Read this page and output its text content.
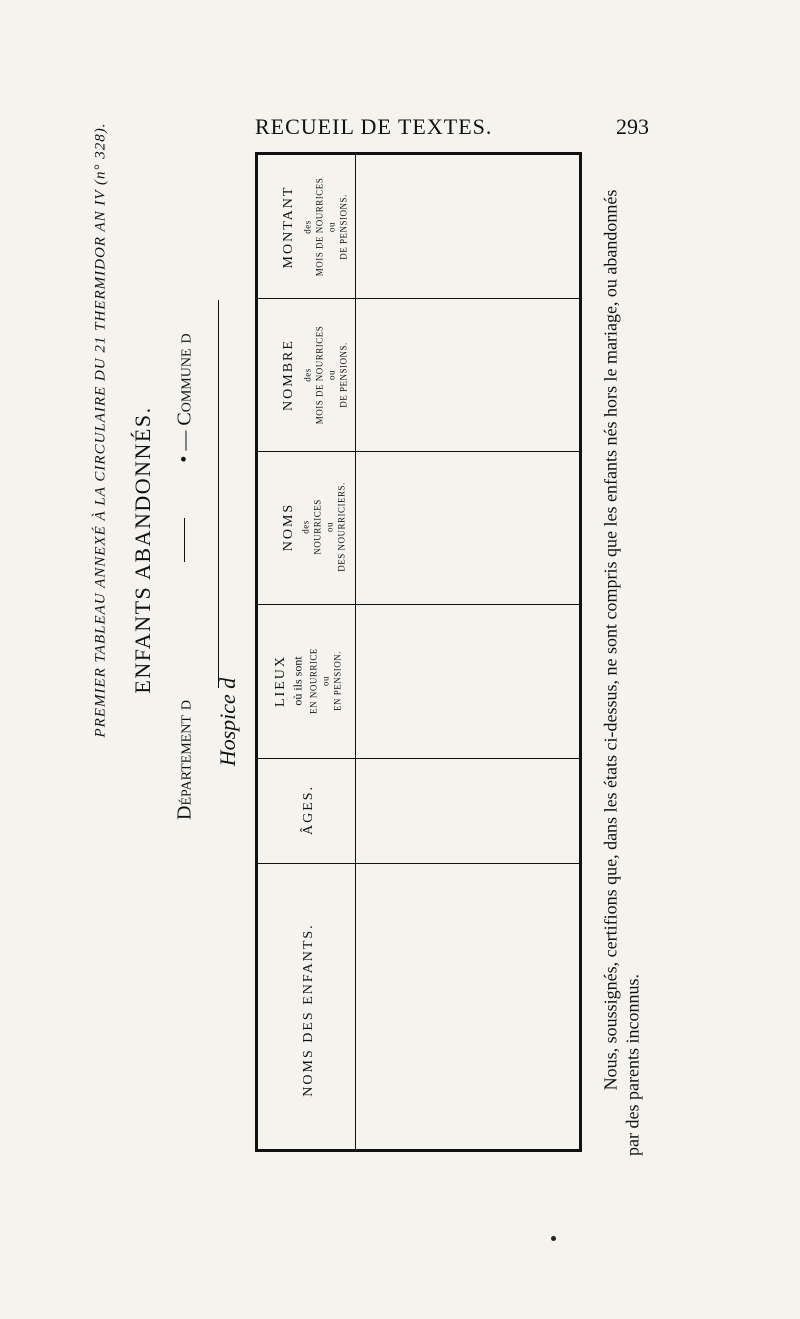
RECUEIL DE TEXTES.	293
PREMIER TABLEAU ANNEXÉ À LA CIRCULAIRE DU 21 THERMIDOR AN IV (n° 328). ENFANTS ABANDONNÉS.
Département d
• — Commune d
Hospice d
MONTANT des MOIS DE NOURRICES ou DE PENSIONS.
NOMBRE des MOIS DE NOURRICES ou DE PENSIONS.
NOMS des NOURRICES ou DES NOURRICIERS.
LIEUX où ils sont EN NOURRICE ou EN PENSION.
ÂGES.
NOMS DES ENFANTS.	Nous, soussignés, certifions que, dans les états ci-dessus, ne sont compris que les enfants nés hors le mariage, ou abandonnés par des parents inconnus.
